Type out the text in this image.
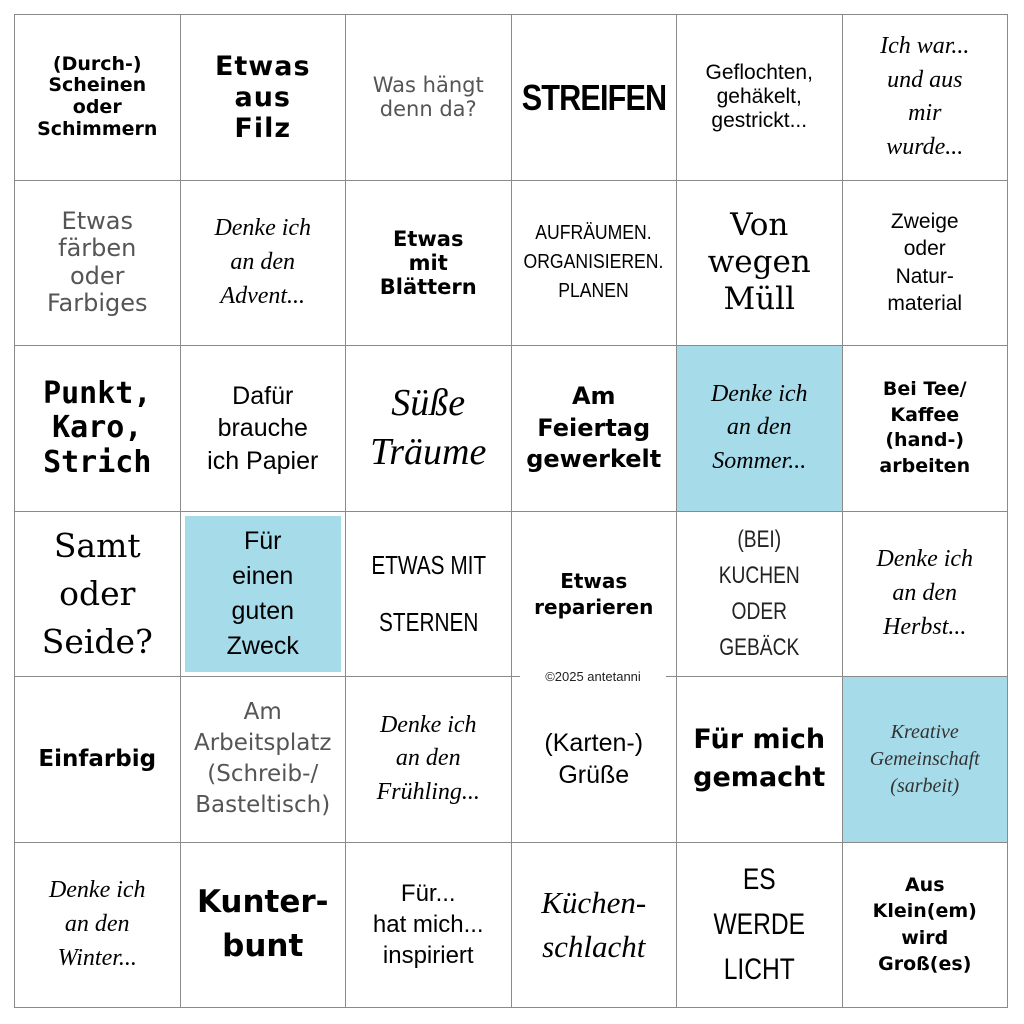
(Durch-)
Scheinen
oder
Schimmern
Etwas
aus
Filz
Was hängt
denn da? STREIFEN
Geflochten,
gehäkelt,
gestrickt...
Ich war...
und aus
mir
wurde...
Etwas
färben
oder
Farbiges
Denke ich
an den
Advent...
Etwas
mit
Blättern
AUFRÄUMEN.
ORGANISIEREN.
PLANEN
Von
wegen
Müll
Zweige
oder
Natur-
material
Punkt,
Karo,
Strich
Dafür
brauche
ich Papier
Süße
Träume
Am
Feiertag
gewerkelt
Denke ich
an den
Sommer...
Bei Tee/
Kaffee
(hand-)
arbeiten
Samt
oder
Seide?
Für
einen
guten
Zweck
ETWAS MIT
STERNEN
Etwas
reparieren
(BEI) KUCHEN
ODER GEBÄCK
Denke ich
an den
Herbst...
Einfarbig
Am
Arbeitsplatz
(Schreib-/
Basteltisch)
Denke ich
an den
Frühling...
(Karten-)
Grüße
Für mich
gemacht
Kreative
Gemeinschaft
(sarbeit)
Denke ich
an den
Winter...
Kunter-
bunt
Für...
hat mich...
inspiriert
Küchen-
schlacht
ES WERDE
LICHT
Aus
Klein(em)
wird
Groß(es)
©2025 antetanni
